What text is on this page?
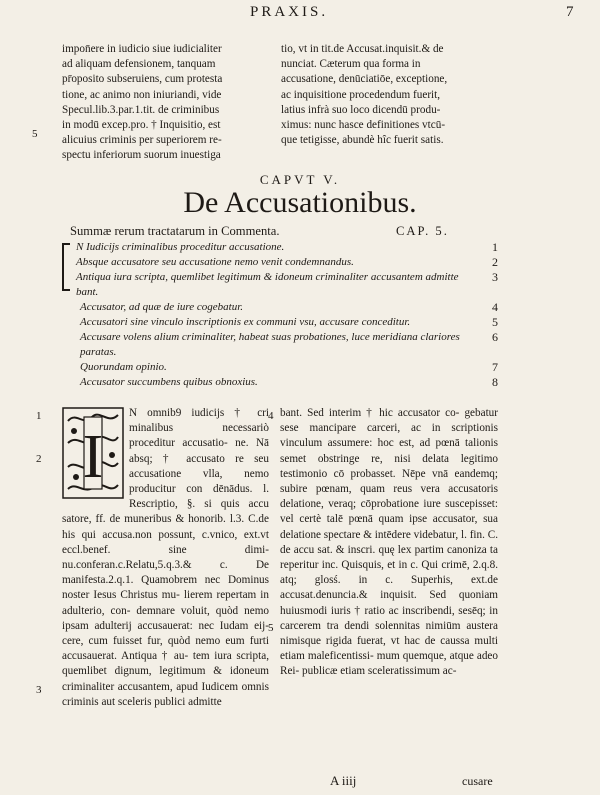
PRAXIS.	7

impon̄ere in iudicio siue iudicialiter

ad aliquam defensionem, tanquam

pr̄oposito subseruiens, cum protesta

tione, ac animo non iniuriandi, vide

Specul.lib.3.par.1.tit. de criminibus

in modū excep.pro. † Inquisitio, est

alicuius criminis per superiorem re-

spectu inferiorum suorum inuestiga

5

tio, vt in tit.de Accusat.inquisit.& de

nunciat. Cæterum qua forma in

accusatione, denūciatiōe, exceptione,

ac inquisitione procedendum fuerit,

latius infrà suo loco dicendū produ-

ximus: nunc hasce definitiones vtcū-

que tetigisse, abundè hîc fuerit satis.

CAPVT V.
De Accusationibus.
Summæ rerum tractatarum in Commenta.	CAP. 5.
N Iudicijs criminalibus proceditur accusatione.	1
Absque accusatore seu accusatione nemo venit condemnandus.	2
Antiqua iura scripta, quemlibet legitimum & idoneum criminaliter accusantem admitte bant.
3
Accusator, ad quæ de iure cogebatur.	4
Accusatori sine vinculo inscriptionis ex communi vsu, accusare conceditur.	5
Accusare volens alium criminaliter, habeat suas probationes, luce meridiana clariores paratas.
6
Quorundam opinio.	7
Accusator succumbens quibus obnoxius.	8
1
2
3
4
5
I

N omnib9 iudicijs † cri minalibus necessariò proceditur accusatio- ne. Nā absq; † accusato re seu accusatione vlla, nemo producitur con dēnādus. l. Rescriptio, §. si quis accu satore, ff. de muneribus & honorib. l.3. C.de his qui accusa.non possunt, c.vnico, ext.vt eccl.benef. sine dimi- nu.conferan.c.Relatu,5.q.3.& c. De manifesta.2.q.1. Quamobrem nec Dominus noster Iesus Christus mu- lierem repertam in adulterio, con- demnare voluit, quòd nemo ipsam adulterij accusauerat: nec Iudam eij- cere, cum fuisset fur, quòd nemo eum furti accusauerat. Antiqua † au- tem iura scripta, quemlibet dignum, legitimum & idoneum criminaliter accusantem, apud Iudicem omnis criminis aut sceleris publici admitte

bant. Sed interim † hic accusator co- gebatur sese mancipare carceri, ac in scriptionis vinculum assumere: hoc est, ad pœnā talionis semet obstringe re, nisi delata legitimo testimonio cō probasset. Nēpe vnā eandemq; subire pœnam, quam reus vera accusatoris delatione, veraq; cōprobatione iure suscepisset: vel certè talē pœnā quam ipse accusator, sua delatione spectare & intēdere videbatur, l. fin. C. de accu sat. & inscri. quę lex partim canoniza ta reperitur inc. Quisquis, et in c. Qui crimē, 2.q.8. atq; glosś. in c. Superhis, ext.de accusat.denuncia.& inquisit. Sed quoniam huiusmodi iuris † ratio ac inscribendi, sesēq; in carcerem tra dendi solennitas nimiūm austera nimisque rigida fuerat, vt hac de caussa multi etiam maleficentissi- mum quemque, atque adeo Rei- publicæ etiam sceleratissimum ac-

A iiij	cusare
